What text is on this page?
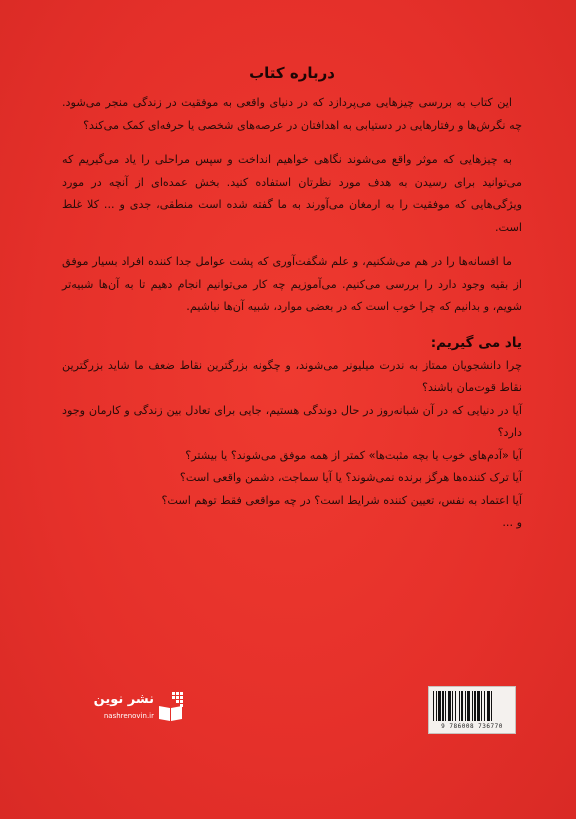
درباره کتاب

این کتاب به بررسی چیزهایی می‌پردازد که در دنیای واقعی به موفقیت در زندگی منجر می‌شود. چه نگرش‌ها و رفتارهایی در دستیابی به اهدافتان در عرصه‌های شخصی یا حرفه‌ای کمک می‌کند؟

به چیزهایی که موثر واقع می‌شوند نگاهی خواهیم انداخت و سپس مراحلی را یاد می‌گیریم که می‌توانید برای رسیدن به هدف مورد نظرتان استفاده کنید. بخش عمده‌ای از آنچه در مورد ویژگی‌هایی که موفقیت را به ارمغان می‌آورند به ما گفته شده است منطقی، جدی و ... کلا غلط است.

ما افسانه‌ها را در هم می‌شکنیم، و علم شگفت‌آوری که پشت عوامل جدا کننده افراد بسیار موفق از بقیه وجود دارد را بررسی می‌کنیم. می‌آموزیم چه کار می‌توانیم انجام دهیم تا به آن‌ها شبیه‌تر شویم، و بدانیم که چرا خوب است که در بعضی موارد، شبیه آن‌ها نباشیم.

یاد می گیریم:

چرا دانشجویان ممتاز به ندرت میلیونر می‌شوند، و چگونه بزرگترین نقاط ضعف ما شاید بزرگترین نقاط قوت‌مان باشند؟

آیا در دنیایی که در آن شبانه‌روز در حال دوندگی هستیم، جایی برای تعادل بین زندگی و کارمان وجود دارد؟

آیا «آدم‌های خوب یا بچه مثبت‌ها» کمتر از همه موفق می‌شوند؟ یا بیشتر؟

آیا ترک کننده‌ها هرگز برنده نمی‌شوند؟ یا آیا سماجت، دشمن واقعی است؟

آیا اعتماد به نفس، تعیین کننده شرایط است؟ در چه مواقعی فقط توهم است؟

و ...

نشر نوین
nashrenovin.ir
9 786008 736770
